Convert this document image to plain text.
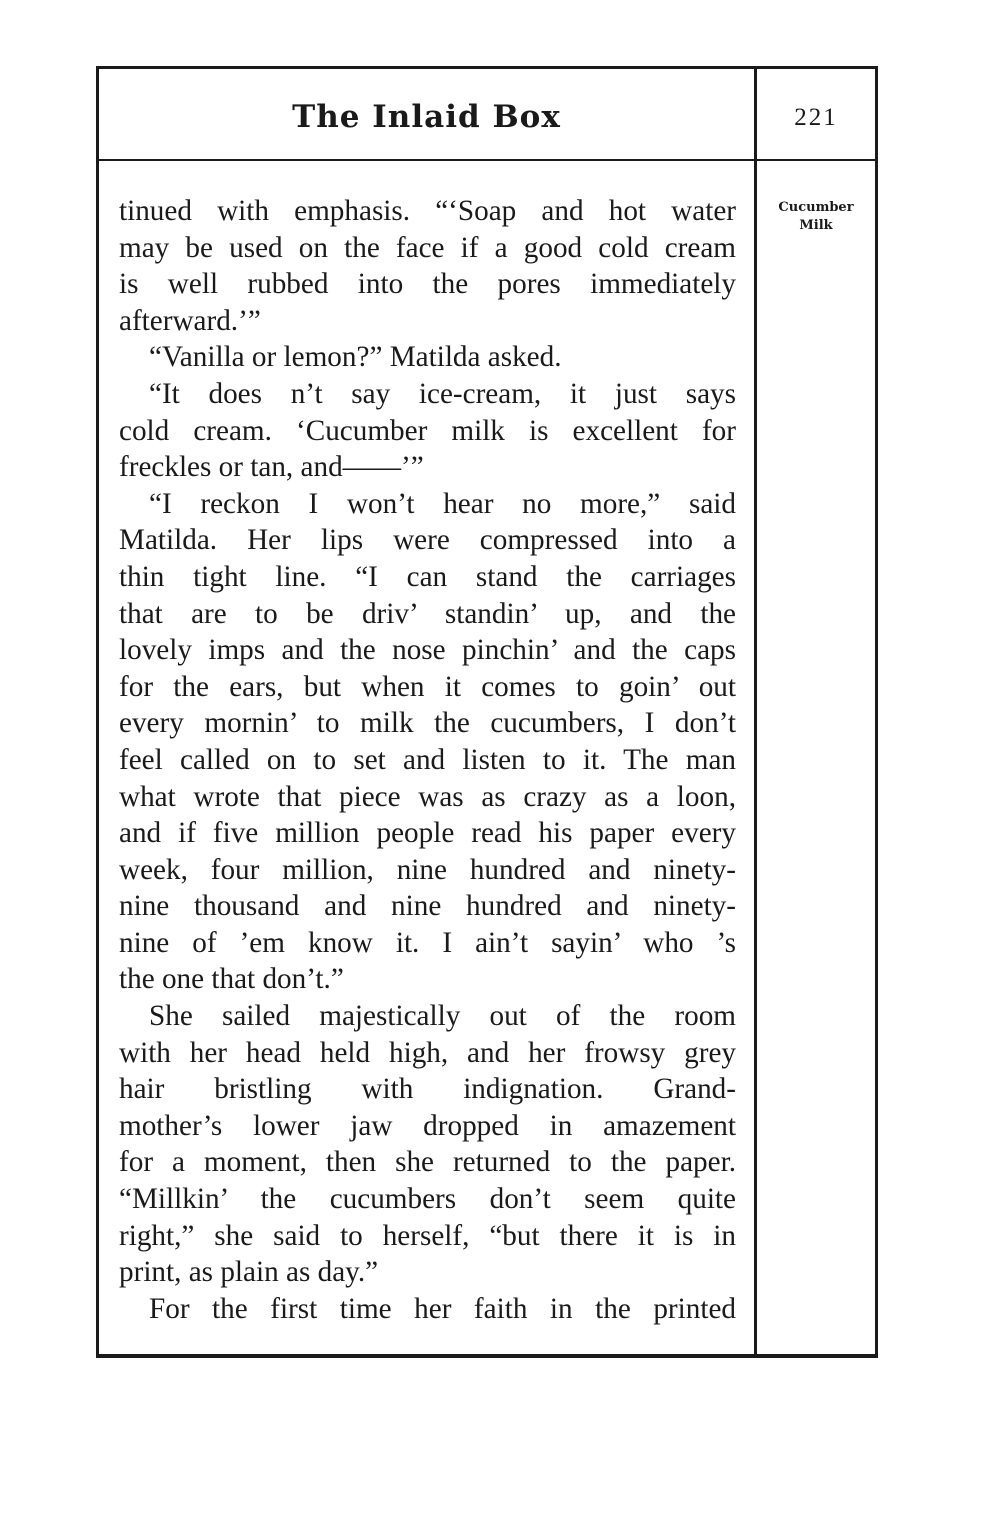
The Inlaid Box	221
Cucumber
Milk
tinued with emphasis. “‘Soap and hot water
may be used on the face if a good cold cream
is well rubbed into the pores immediately
afterward.’”
“Vanilla or lemon?” Matilda asked.
“It does n’t say ice-cream, it just says
cold cream. ‘Cucumber milk is excellent for
freckles or tan, and——’”
“I reckon I won’t hear no more,” said
Matilda. Her lips were compressed into a
thin tight line. “I can stand the carriages
that are to be driv’ standin’ up, and the
lovely imps and the nose pinchin’ and the caps
for the ears, but when it comes to goin’ out
every mornin’ to milk the cucumbers, I don’t
feel called on to set and listen to it. The man
what wrote that piece was as crazy as a loon,
and if five million people read his paper every
week, four million, nine hundred and ninety-
nine thousand and nine hundred and ninety-
nine of ’em know it. I ain’t sayin’ who ’s
the one that don’t.”
She sailed majestically out of the room
with her head held high, and her frowsy grey
hair bristling with indignation. Grand-
mother’s lower jaw dropped in amazement
for a moment, then she returned to the paper.
“Millkin’ the cucumbers don’t seem quite
right,” she said to herself, “but there it is in
print, as plain as day.”
For the first time her faith in the printed
